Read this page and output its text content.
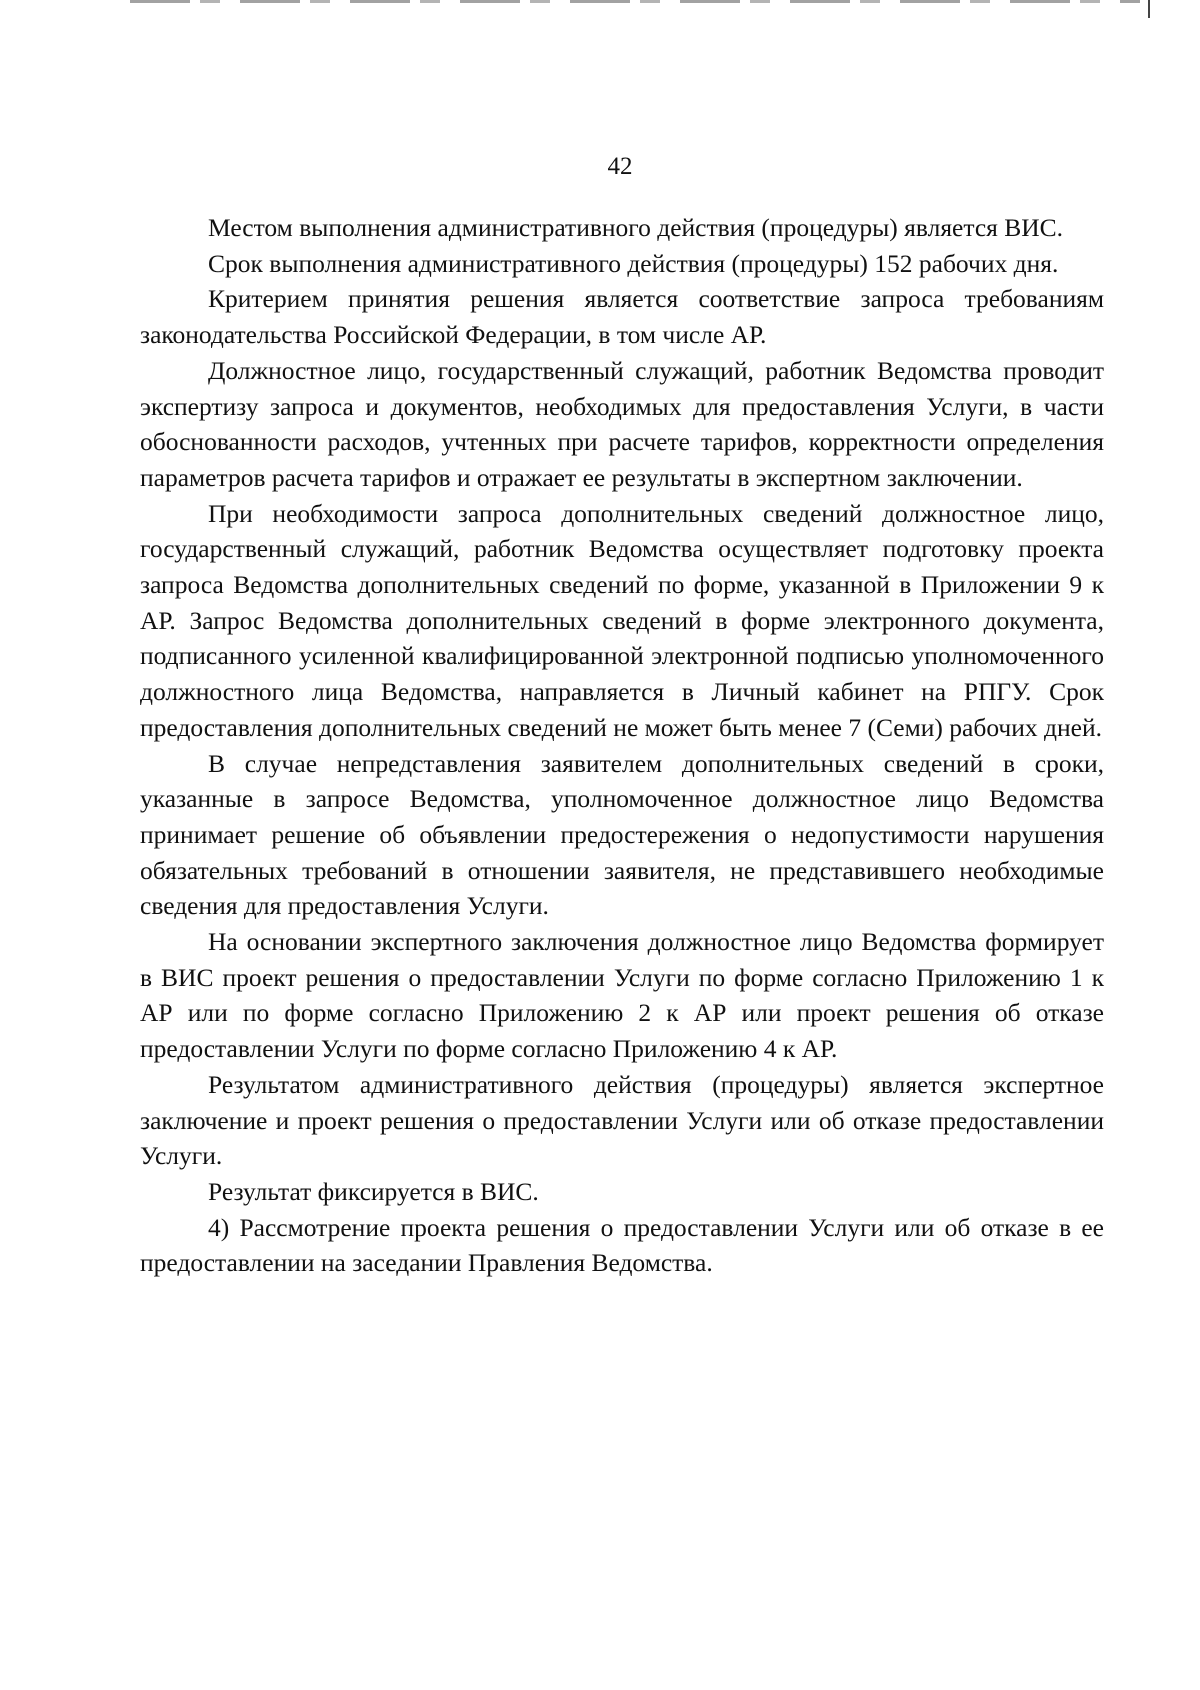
42

Местом выполнения административного действия (процедуры) является ВИС.

Срок выполнения административного действия (процедуры) 152 рабочих дня.

Критерием принятия решения является соответствие запроса требованиям законодательства Российской Федерации, в том числе АР.

Должностное лицо, государственный служащий, работник Ведомства проводит экспертизу запроса и документов, необходимых для предоставления Услуги, в части обоснованности расходов, учтенных при расчете тарифов, корректности определения параметров расчета тарифов и отражает ее результаты в экспертном заключении.

При необходимости запроса дополнительных сведений должностное лицо, государственный служащий, работник Ведомства осуществляет подготовку проекта запроса Ведомства дополнительных сведений по форме, указанной в Приложении 9 к АР. Запрос Ведомства дополнительных сведений в форме электронного документа, подписанного усиленной квалифицированной электронной подписью уполномоченного должностного лица Ведомства, направляется в Личный кабинет на РПГУ. Срок предоставления дополнительных сведений не может быть менее 7 (Семи) рабочих дней.

В случае непредставления заявителем дополнительных сведений в сроки, указанные в запросе Ведомства, уполномоченное должностное лицо Ведомства принимает решение об объявлении предостережения о недопустимости нарушения обязательных требований в отношении заявителя, не представившего необходимые сведения для предоставления Услуги.

На основании экспертного заключения должностное лицо Ведомства формирует в ВИС проект решения о предоставлении Услуги по форме согласно Приложению 1 к АР или по форме согласно Приложению 2 к АР или проект решения об отказе предоставлении Услуги по форме согласно Приложению 4 к АР.

Результатом административного действия (процедуры) является экспертное заключение и проект решения о предоставлении Услуги или об отказе предоставлении Услуги.

Результат фиксируется в ВИС.

4) Рассмотрение проекта решения о предоставлении Услуги или об отказе в ее предоставлении на заседании Правления Ведомства.
